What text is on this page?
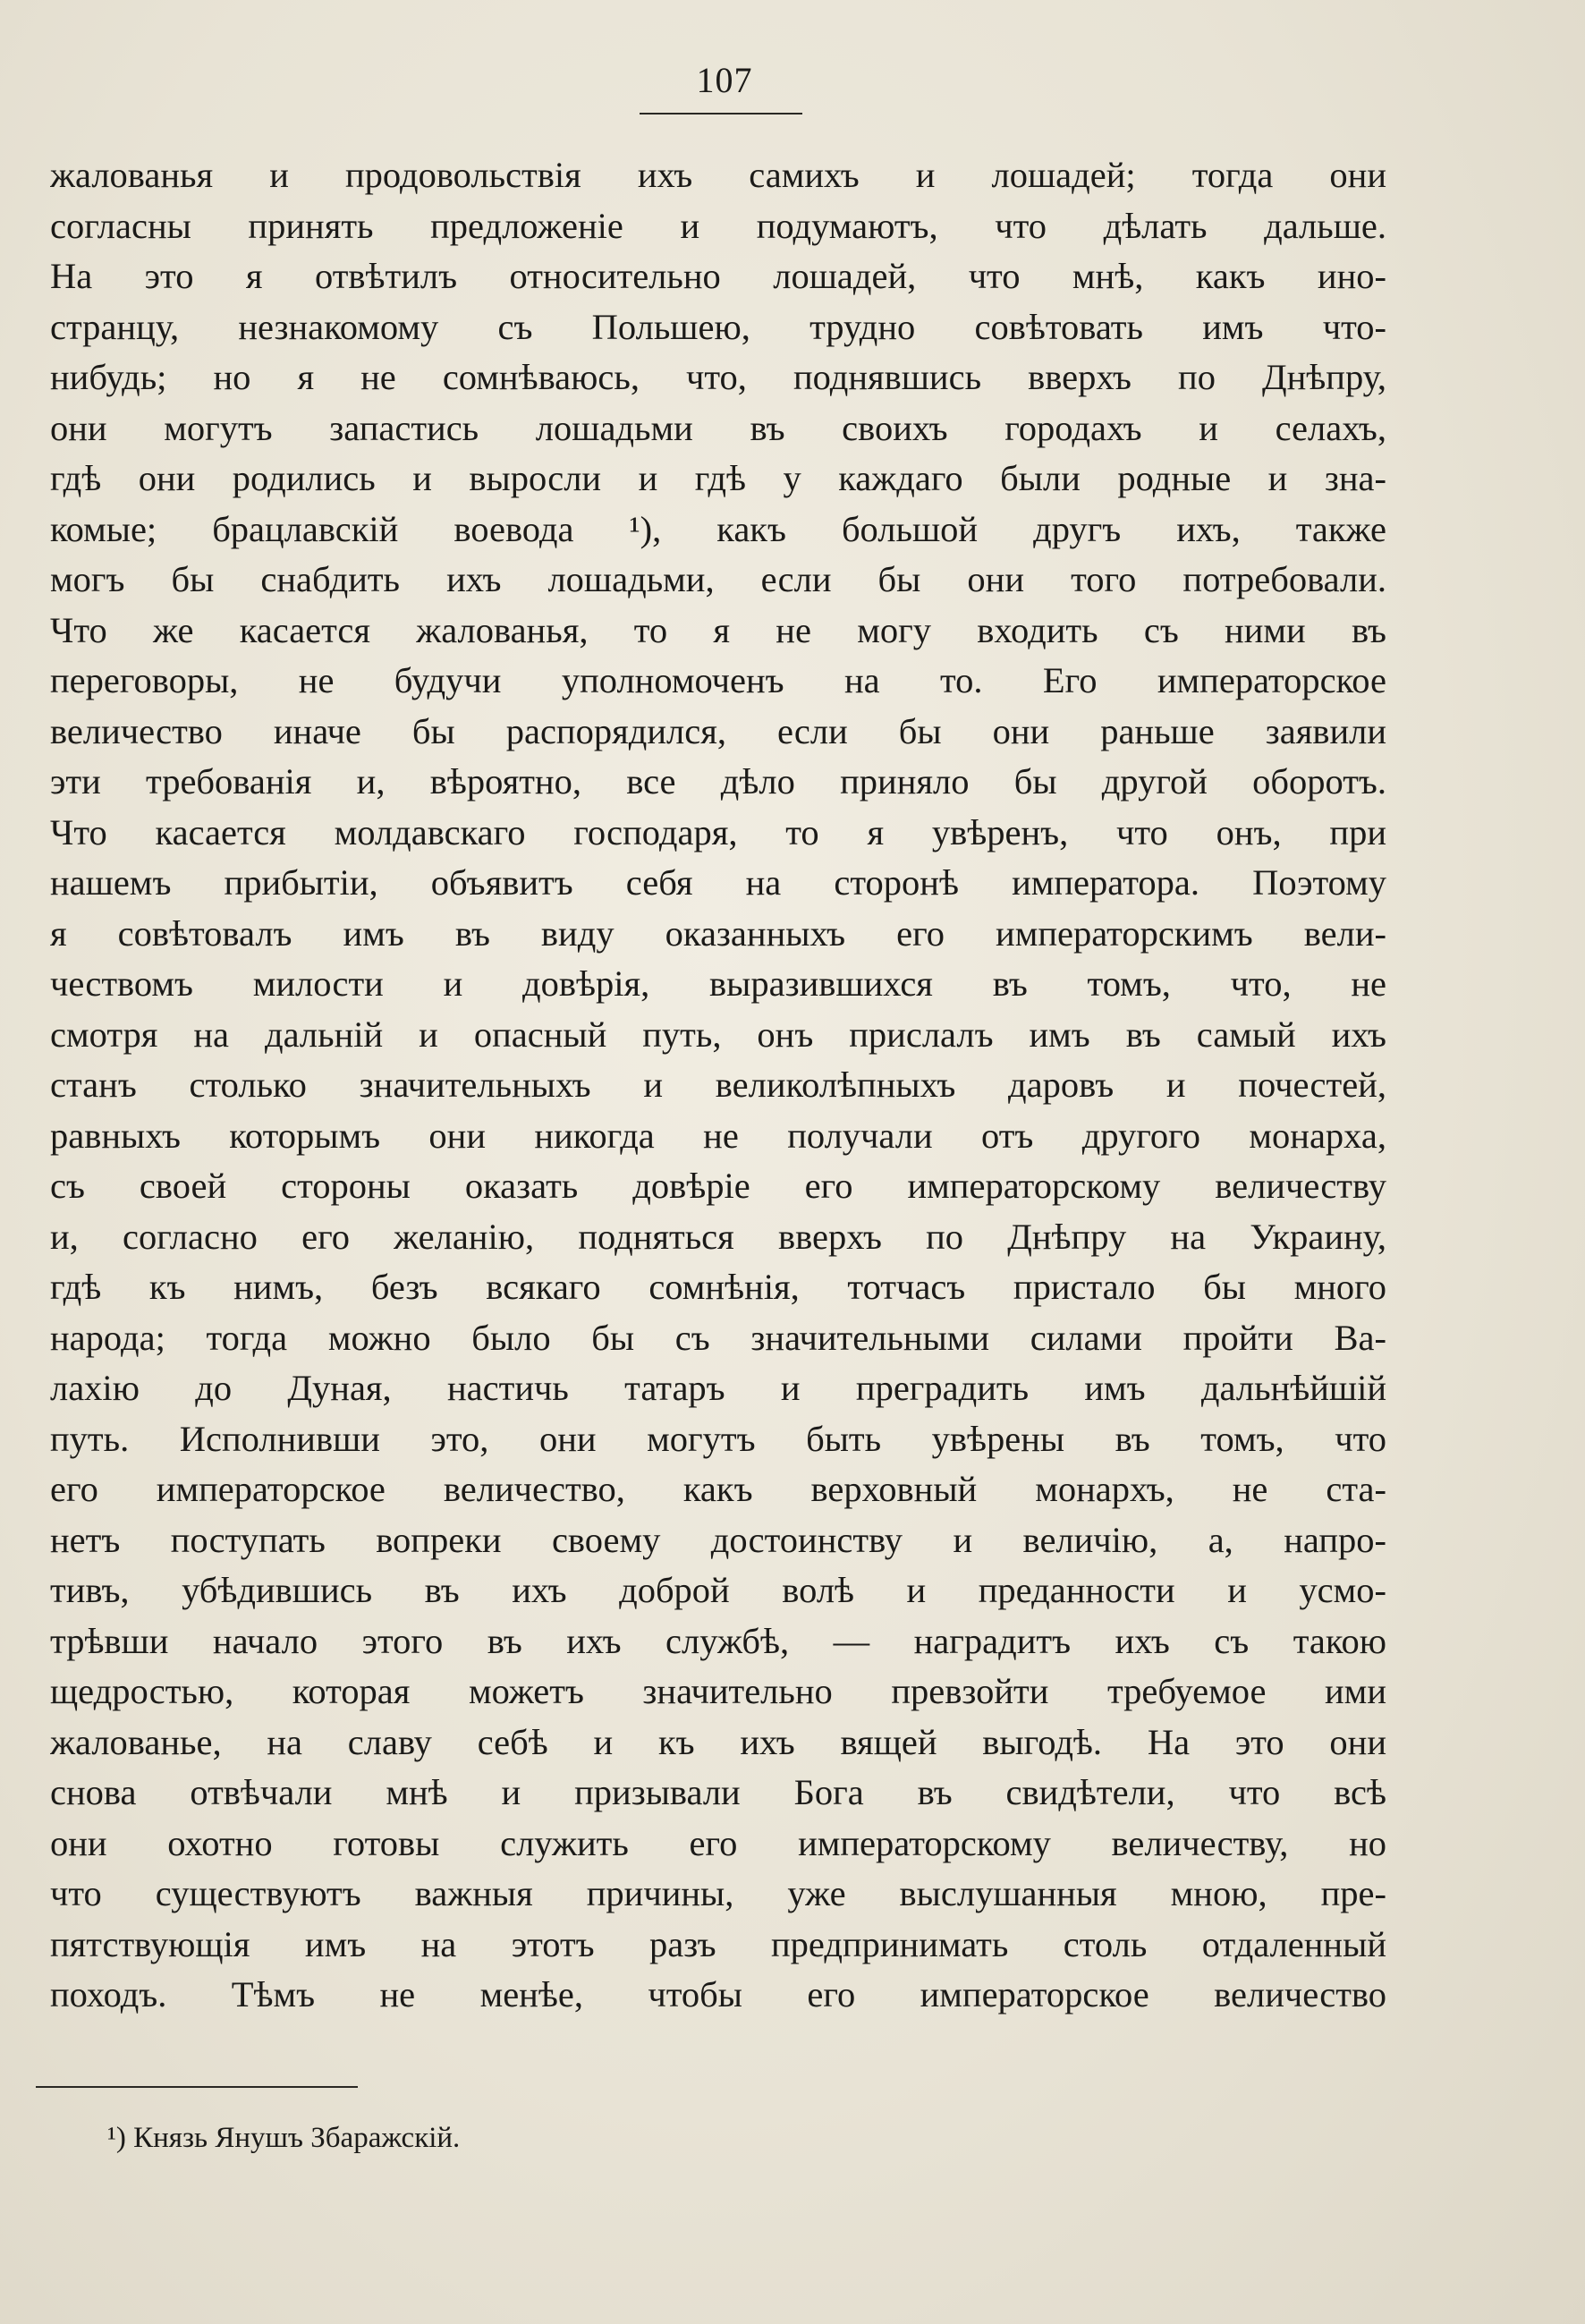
107
жалованья и продовольствія ихъ самихъ и лошадей; тогда они
согласны принять предложеніе и подумаютъ, что дѣлать дальше.
На это я отвѣтилъ относительно лошадей, что мнѣ, какъ ино-
странцу, незнакомому съ Польшею, трудно совѣтовать имъ что-
нибудь; но я не сомнѣваюсь, что, поднявшись вверхъ по Днѣпру,
они могутъ запастись лошадьми въ своихъ городахъ и селахъ,
гдѣ они родились и выросли и гдѣ у каждаго были родные и зна-
комые; брацлавскій воевода ¹), какъ большой другъ ихъ, также
могъ бы снабдить ихъ лошадьми, если бы они того потребовали.
Что же касается жалованья, то я не могу входить съ ними въ
переговоры, не будучи уполномоченъ на то. Его императорское
величество иначе бы распорядился, если бы они раньше заявили
эти требованія и, вѣроятно, все дѣло приняло бы другой оборотъ.
Что касается молдавскаго господаря, то я увѣренъ, что онъ, при
нашемъ прибытіи, объявитъ себя на сторонѣ императора. Поэтому
я совѣтовалъ имъ въ виду оказанныхъ его императорскимъ вели-
чествомъ милости и довѣрія, выразившихся въ томъ, что, не
смотря на дальній и опасный путь, онъ прислалъ имъ въ самый ихъ
станъ столько значительныхъ и великолѣпныхъ даровъ и почестей,
равныхъ которымъ они никогда не получали отъ другого монарха,
съ своей стороны оказать довѣріе его императорскому величеству
и, согласно его желанію, подняться вверхъ по Днѣпру на Украину,
гдѣ къ нимъ, безъ всякаго сомнѣнія, тотчасъ пристало бы много
народа; тогда можно было бы съ значительными силами пройти Ва-
лахію до Дуная, настичь татаръ и преградить имъ дальнѣйшій
путь. Исполнивши это, они могутъ быть увѣрены въ томъ, что
его императорское величество, какъ верховный монархъ, не ста-
нетъ поступать вопреки своему достоинству и величію, а, напро-
тивъ, убѣдившись въ ихъ доброй волѣ и преданности и усмо-
трѣвши начало этого въ ихъ службѣ, — наградитъ ихъ съ такою
щедростью, которая можетъ значительно превзойти требуемое ими
жалованье, на славу себѣ и къ ихъ вящей выгодѣ. На это они
снова отвѣчали мнѣ и призывали Бога въ свидѣтели, что всѣ
они охотно готовы служить его императорскому величеству, но
что существуютъ важныя причины, уже выслушанныя мною, пре-
пятствующія имъ на этотъ разъ предпринимать столь отдаленный
походъ. Тѣмъ не менѣе, чтобы его императорское величество
¹) Князь Янушъ Збаражскій.
